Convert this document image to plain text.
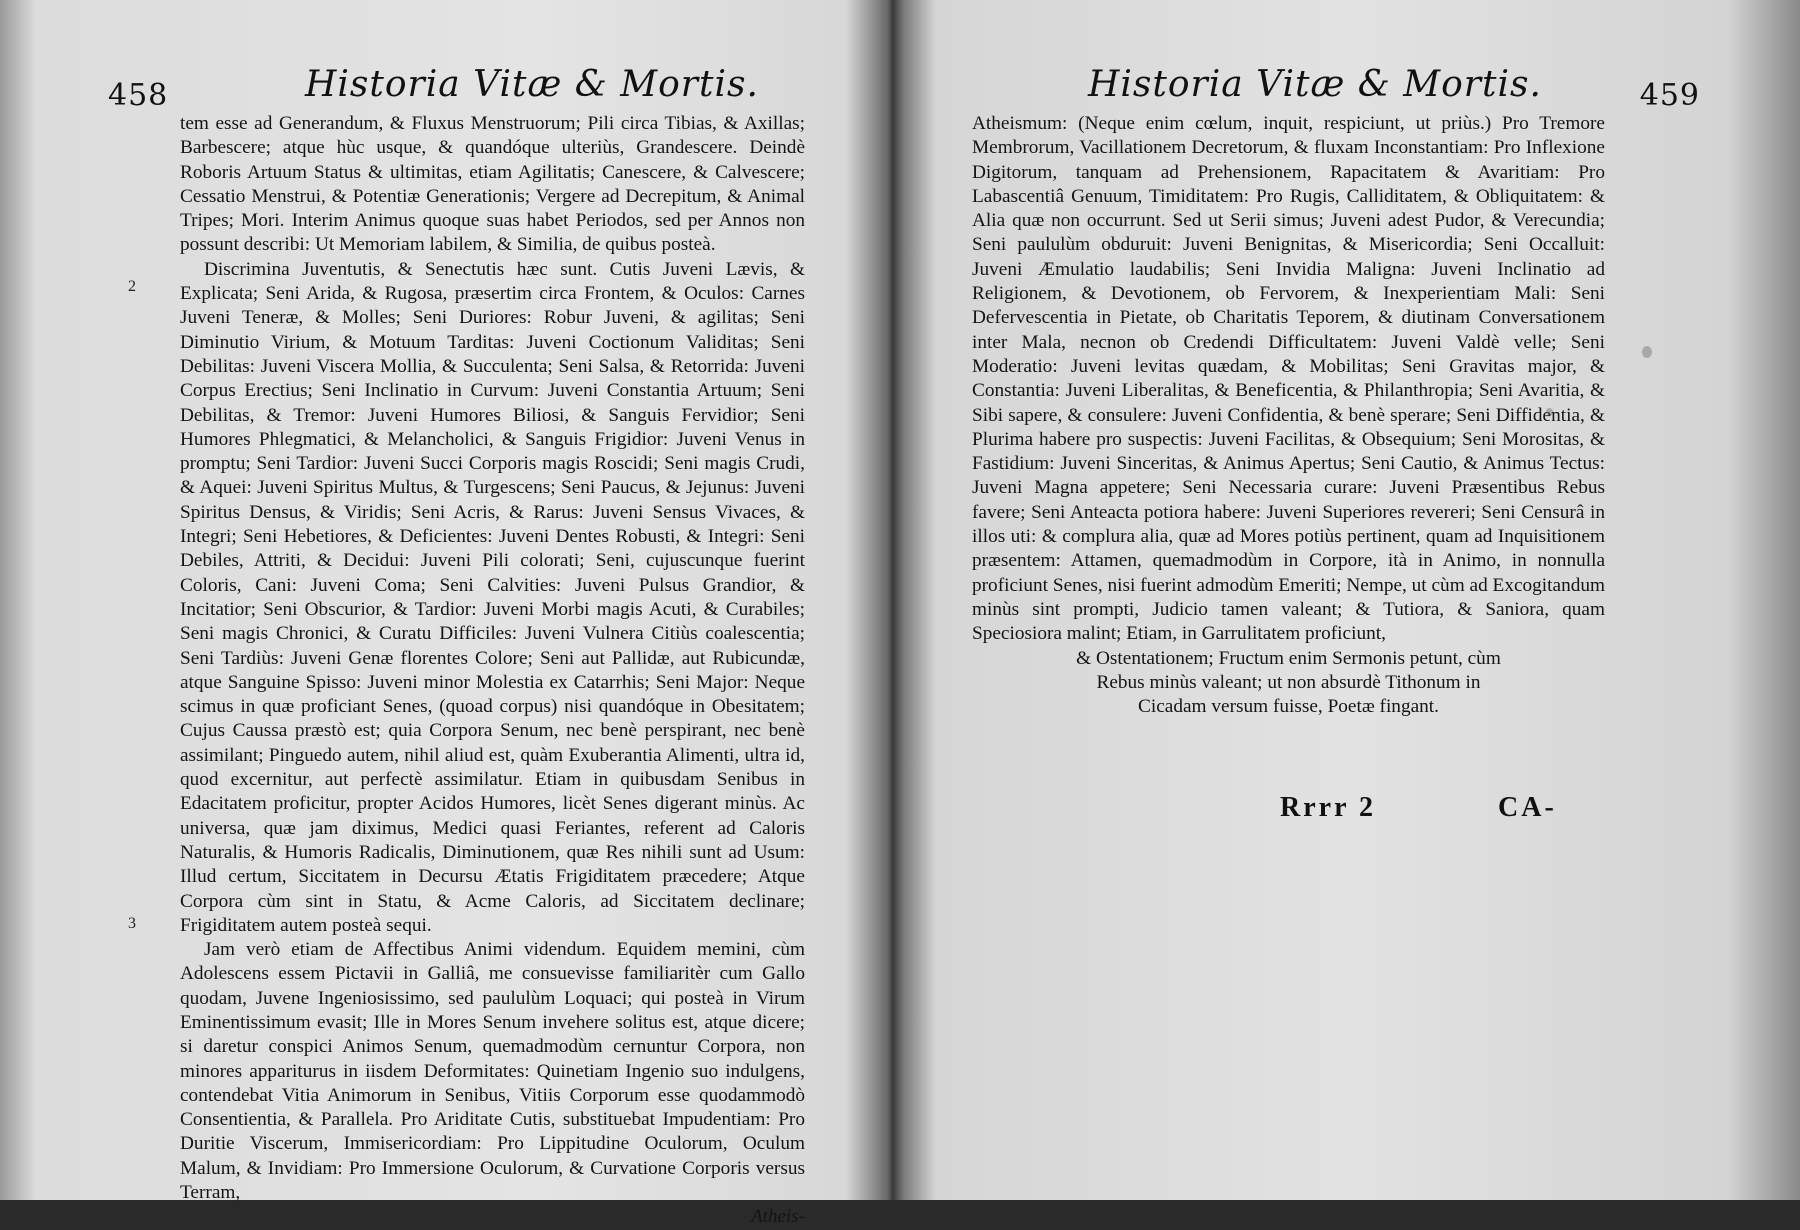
458	Historia Vitæ & Mortis.
2
3

tem esse ad Generandum, & Fluxus Menstruorum; Pili circa Tibias, & Axillas; Barbescere; atque hùc usque, & quandóque ulteriùs, Grandescere. Deindè Roboris Artuum Status & ultimitas, etiam Agilitatis; Canescere, & Calvescere; Cessatio Menstrui, & Potentiæ Generationis; Vergere ad Decrepitum, & Animal Tripes; Mori. Interim Animus quoque suas habet Periodos, sed per Annos non possunt describi: Ut Memoriam labilem, & Similia, de quibus posteà.

Discrimina Juventutis, & Senectutis hæc sunt. Cutis Juveni Lævis, & Explicata; Seni Arida, & Rugosa, præsertim circa Frontem, & Oculos: Carnes Juveni Teneræ, & Molles; Seni Duriores: Robur Juveni, & agilitas; Seni Diminutio Virium, & Motuum Tarditas: Juveni Coctionum Validitas; Seni Debilitas: Juveni Viscera Mollia, & Succulenta; Seni Salsa, & Retorrida: Juveni Corpus Erectius; Seni Inclinatio in Curvum: Juveni Constantia Artuum; Seni Debilitas, & Tremor: Juveni Humores Biliosi, & Sanguis Fervidior; Seni Humores Phlegmatici, & Melancholici, & Sanguis Frigidior: Juveni Venus in promptu; Seni Tardior: Juveni Succi Corporis magis Roscidi; Seni magis Crudi, & Aquei: Juveni Spiritus Multus, & Turgescens; Seni Paucus, & Jejunus: Juveni Spiritus Densus, & Viridis; Seni Acris, & Rarus: Juveni Sensus Vivaces, & Integri; Seni Hebetiores, & Deficientes: Juveni Dentes Robusti, & Integri: Seni Debiles, Attriti, & Decidui: Juveni Pili colorati; Seni, cujuscunque fuerint Coloris, Cani: Juveni Coma; Seni Calvities: Juveni Pulsus Grandior, & Incitatior; Seni Obscurior, & Tardior: Juveni Morbi magis Acuti, & Curabiles; Seni magis Chronici, & Curatu Difficiles: Juveni Vulnera Citiùs coalescentia; Seni Tardiùs: Juveni Genæ florentes Colore; Seni aut Pallidæ, aut Rubicundæ, atque Sanguine Spisso: Juveni minor Molestia ex Catarrhis; Seni Major: Neque scimus in quæ proficiant Senes, (quoad corpus) nisi quandóque in Obesitatem; Cujus Caussa præstò est; quia Corpora Senum, nec benè perspirant, nec benè assimilant; Pinguedo autem, nihil aliud est, quàm Exuberantia Alimenti, ultra id, quod excernitur, aut perfectè assimilatur. Etiam in quibusdam Senibus in Edacitatem proficitur, propter Acidos Humores, licèt Senes digerant minùs. Ac universa, quæ jam diximus, Medici quasi Feriantes, referent ad Caloris Naturalis, & Humoris Radicalis, Diminutionem, quæ Res nihili sunt ad Usum: Illud certum, Siccitatem in Decursu Ætatis Frigiditatem præcedere; Atque Corpora cùm sint in Statu, & Acme Caloris, ad Siccitatem declinare; Frigiditatem autem posteà sequi.

Jam verò etiam de Affectibus Animi videndum. Equidem memini, cùm Adolescens essem Pictavii in Galliâ, me consuevisse familiaritèr cum Gallo quodam, Juvene Ingeniosissimo, sed paululùm Loquaci; qui posteà in Virum Eminentissimum evasit; Ille in Mores Senum invehere solitus est, atque dicere; si daretur conspici Animos Senum, quemadmodùm cernuntur Corpora, non minores appariturus in iisdem Deformitates: Quinetiam Ingenio suo indulgens, contendebat Vitia Animorum in Senibus, Vitiis Corporum esse quodammodò Consentientia, & Parallela. Pro Ariditate Cutis, substituebat Impudentiam: Pro Duritie Viscerum, Immisericordiam: Pro Lippitudine Oculorum, Oculum Malum, & Invidiam: Pro Immersione Oculorum, & Curvatione Corporis versus Terram,

Atheis-
459
Historia Vitæ & Mortis.

Atheismum: (Neque enim cœlum, inquit, respiciunt, ut priùs.) Pro Tremore Membrorum, Vacillationem Decretorum, & fluxam Inconstantiam: Pro Inflexione Digitorum, tanquam ad Prehensionem, Rapacitatem & Avaritiam: Pro Labascentiâ Genuum, Timiditatem: Pro Rugis, Calliditatem, & Obliquitatem: & Alia quæ non occurrunt. Sed ut Serii simus; Juveni adest Pudor, & Verecundia; Seni paululùm obduruit: Juveni Benignitas, & Misericordia; Seni Occalluit: Juveni Æmulatio laudabilis; Seni Invidia Maligna: Juveni Inclinatio ad Religionem, & Devotionem, ob Fervorem, & Inexperientiam Mali: Seni Defervescentia in Pietate, ob Charitatis Teporem, & diutinam Conversationem inter Mala, necnon ob Credendi Difficultatem: Juveni Valdè velle; Seni Moderatio: Juveni levitas quædam, & Mobilitas; Seni Gravitas major, & Constantia: Juveni Liberalitas, & Beneficentia, & Philanthropia; Seni Avaritia, & Sibi sapere, & consulere: Juveni Confidentia, & benè sperare; Seni Diffidentia, & Plurima habere pro suspectis: Juveni Facilitas, & Obsequium; Seni Morositas, & Fastidium: Juveni Sinceritas, & Animus Apertus; Seni Cautio, & Animus Tectus: Juveni Magna appetere; Seni Necessaria curare: Juveni Præsentibus Rebus favere; Seni Anteacta potiora habere: Juveni Superiores revereri; Seni Censurâ in illos uti: & complura alia, quæ ad Mores potiùs pertinent, quam ad Inquisitionem præsentem: Attamen, quemadmodùm in Corpore, ità in Animo, in nonnulla proficiunt Senes, nisi fuerint admodùm Emeriti; Nempe, ut cùm ad Excogitandum minùs sint prompti, Judicio tamen valeant; & Tutiora, & Saniora, quam Speciosiora malint; Etiam, in Garrulitatem proficiunt,

& Ostentationem; Fructum enim Sermonis petunt, cùm
Rebus minùs valeant; ut non absurdè Tithonum in
Cicadam versum fuisse, Poetæ fingant.
Rrrr 2	CA-
